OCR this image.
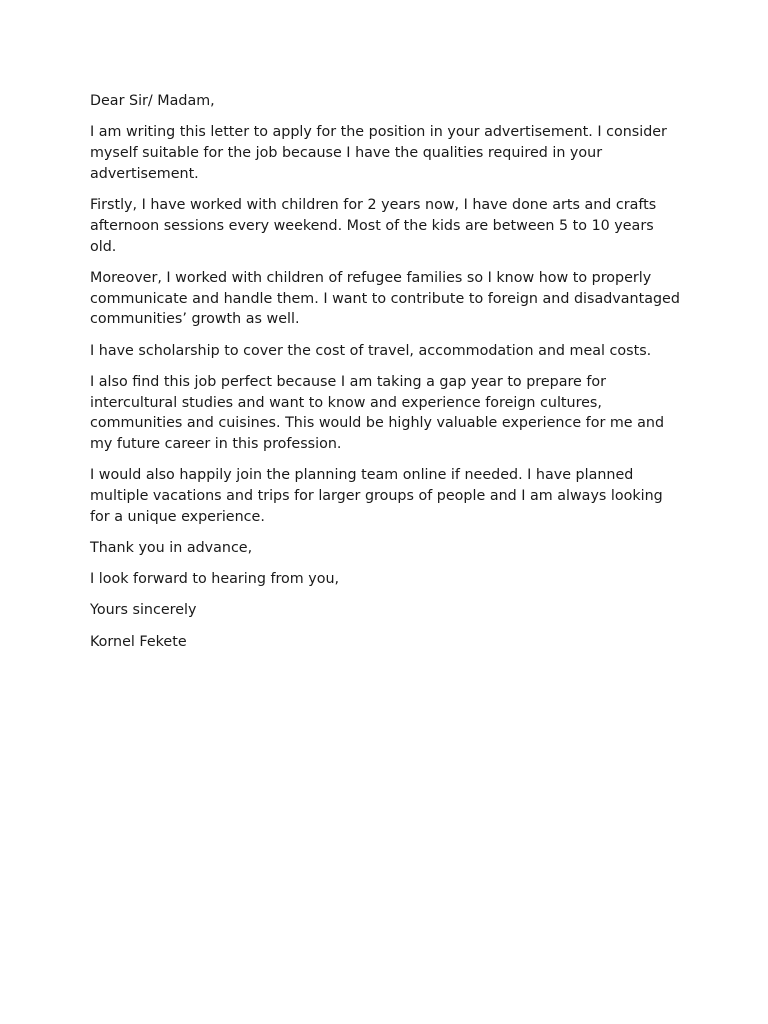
Dear Sir/ Madam,

I am writing this letter to apply for the position in your advertisement. I consider myself suitable for the job because I have the qualities required in your advertisement.

Firstly, I have worked with children for 2 years now, I have done arts and crafts afternoon sessions every weekend. Most of the kids are between 5 to 10 years old.

Moreover, I worked with children of refugee families so I know how to properly communicate and handle them. I want to contribute to foreign and disadvantaged communities’ growth as well.

I have scholarship to cover the cost of travel, accommodation and meal costs.

I also find this job perfect because I am taking a gap year to prepare for intercultural studies and want to know and experience foreign cultures, communities and cuisines. This would be highly valuable experience for me and my future career in this profession.

I would also happily join the planning team online if needed. I have planned multiple vacations and trips for larger groups of people and I am always looking for a unique experience.

Thank you in advance,

I look forward to hearing from you,

Yours sincerely

Kornel Fekete
